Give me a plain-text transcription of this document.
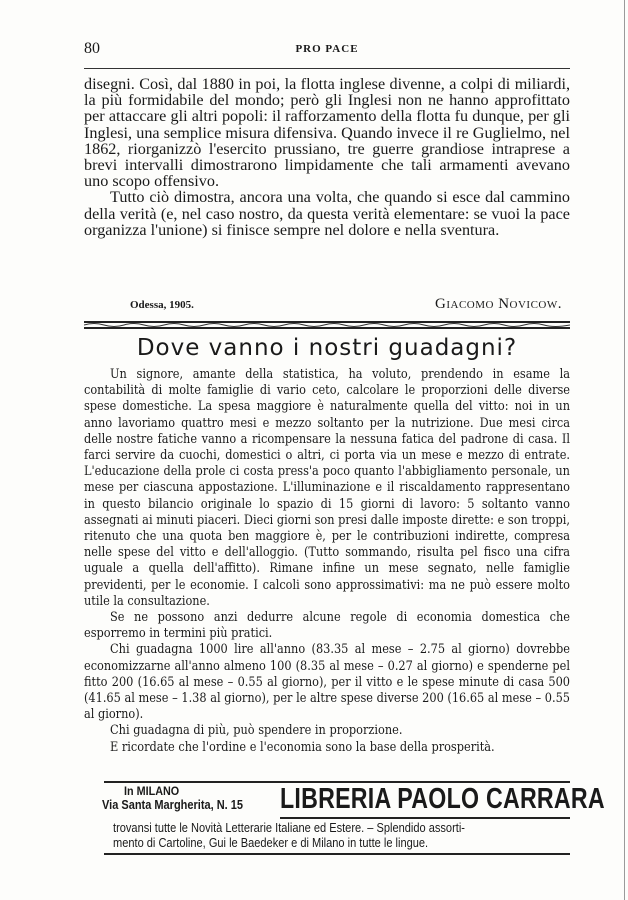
80	PRO PACE

disegni. Così, dal 1880 in poi, la flotta inglese divenne, a colpi di miliardi, la più formidabile del mondo; però gli Inglesi non ne hanno approfittato per attaccare gli altri popoli: il rafforzamento della flotta fu dunque, per gli Inglesi, una semplice misura difensiva. Quando invece il re Guglielmo, nel 1862, riorganizzò l'esercito prussiano, tre guerre grandiose intraprese a brevi intervalli dimostrarono limpidamente che tali armamenti avevano uno scopo offensivo.

Tutto ciò dimostra, ancora una volta, che quando si esce dal cammino della verità (e, nel caso nostro, da questa verità elementare: se vuoi la pace organizza l'unione) si finisce sempre nel dolore e nella sventura.

Odessa, 1905.	Giacomo Novicow.
Dove vanno i nostri guadagni?

Un signore, amante della statistica, ha voluto, prendendo in esame la contabilità di molte famiglie di vario ceto, calcolare le proporzioni delle diverse spese domestiche. La spesa maggiore è naturalmente quella del vitto: noi in un anno lavoriamo quattro mesi e mezzo soltanto per la nutrizione. Due mesi circa delle nostre fatiche vanno a ricompensare la nessuna fatica del padrone di casa. Il farci servire da cuochi, domestici o altri, ci porta via un mese e mezzo di entrate. L'educazione della prole ci costa press'a poco quanto l'abbigliamento personale, un mese per ciascuna appostazione. L'illuminazione e il riscaldamento rappresentano in questo bilancio originale lo spazio di 15 giorni di lavoro: 5 soltanto vanno assegnati ai minuti piaceri. Dieci giorni son presi dalle imposte dirette: e son troppi, ritenuto che una quota ben maggiore è, per le contribuzioni indirette, compresa nelle spese del vitto e dell'alloggio. (Tutto sommando, risulta pel fisco una cifra uguale a quella dell'affitto). Rimane infine un mese segnato, nelle famiglie previdenti, per le economie. I calcoli sono approssimativi: ma ne può essere molto utile la consultazione.

Se ne possono anzi dedurre alcune regole di economia domestica che esporremo in termini più pratici.

Chi guadagna 1000 lire all'anno (83.35 al mese – 2.75 al giorno) dovrebbe economizzarne all'anno almeno 100 (8.35 al mese – 0.27 al giorno) e spenderne pel fitto 200 (16.65 al mese – 0.55 al giorno), per il vitto e le spese minute di casa 500 (41.65 al mese – 1.38 al giorno), per le altre spese diverse 200 (16.65 al mese – 0.55 al giorno).

Chi guadagna di più, può spendere in proporzione.

E ricordate che l'ordine e l'economia sono la base della prosperità.

In MILANO
Via Santa Margherita, N. 15 LIBRERIA PAOLO CARRARA
trovansi tutte le Novità Letterarie Italiane ed Estere. – Splendido assorti-
mento di Cartoline, Gui le Baedeker e di Milano in tutte le lingue.
